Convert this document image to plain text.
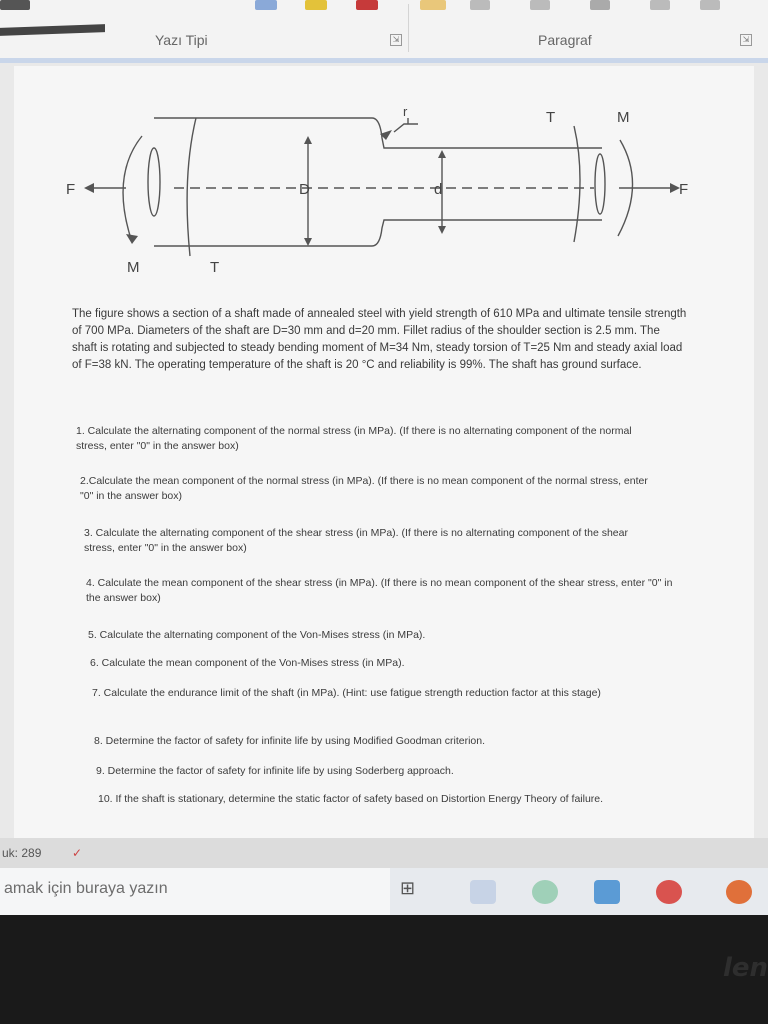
Yazı Tipi	⇲	Paragraf	⇲
F	F
M
M
T
T
D	d
r
The figure shows a section of a shaft made of annealed steel with yield strength of 610 MPa and ultimate tensile strength of 700 MPa. Diameters of the shaft are D=30 mm and d=20 mm. Fillet radius of the shoulder section is 2.5 mm. The shaft is rotating and subjected to steady bending moment of M=34 Nm, steady torsion of T=25 Nm and steady axial load of F=38 kN. The operating temperature of the shaft is 20 °C and reliability is 99%. The shaft has ground surface.
1. Calculate the alternating component of the normal stress (in MPa). (If there is no alternating component of the normal stress, enter "0" in the answer box)
2.Calculate the mean component of the normal stress (in MPa). (If there is no mean component of the normal stress, enter "0" in the answer box)
3. Calculate the alternating component of the shear stress (in MPa). (If there is no alternating component of the shear stress, enter "0" in the answer box)
4. Calculate the mean component of the shear stress (in MPa). (If there is no mean component of the shear stress, enter "0" in the answer box)
5. Calculate the alternating component of the Von-Mises stress (in MPa).
6. Calculate the mean component of the Von-Mises stress (in MPa).
7. Calculate the endurance limit of the shaft (in MPa). (Hint: use fatigue strength reduction factor at this stage)
8. Determine the factor of safety for infinite life by using Modified Goodman criterion.
9. Determine the factor of safety for infinite life by using Soderberg approach.
10. If the shaft is stationary, determine the static factor of safety based on Distortion Energy Theory of failure.
uk: 289	✓
amak için buraya yazın	⊞
len
